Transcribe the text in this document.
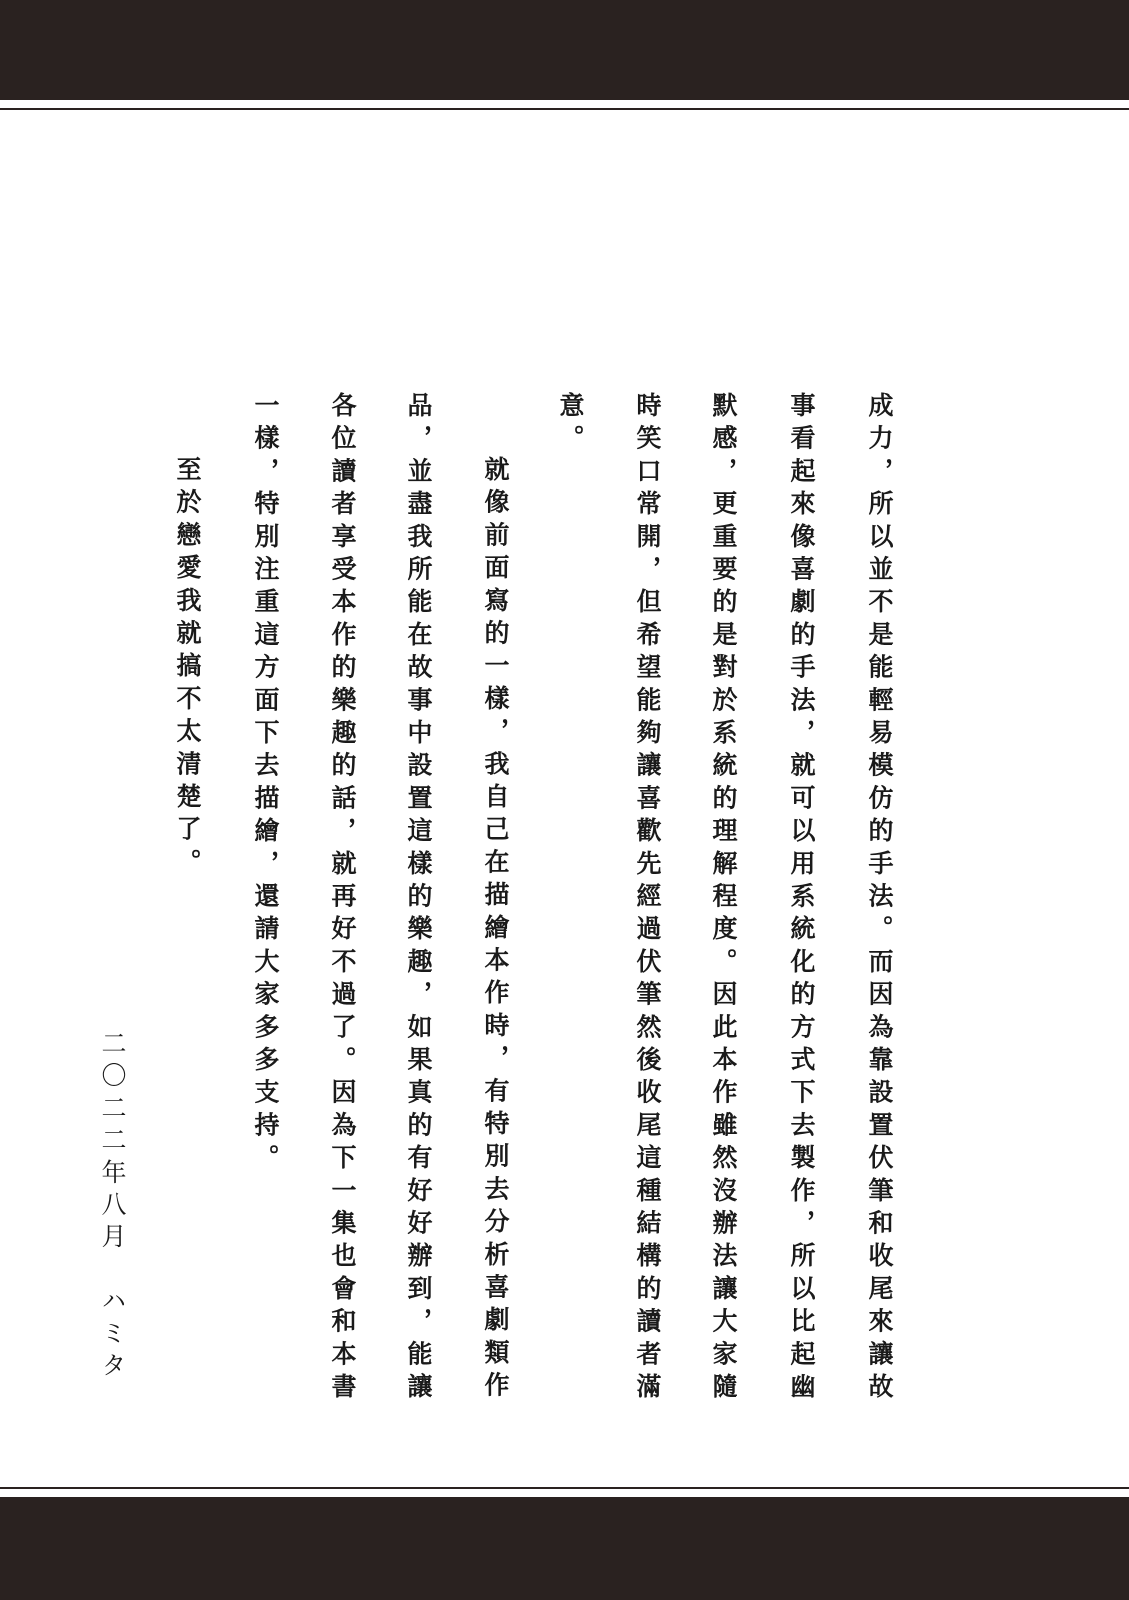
成力，所以並不是能輕易模仿的手法。而因為靠設置伏筆和收尾來讓故
事看起來像喜劇的手法，就可以用系統化的方式下去製作，所以比起幽
默感，更重要的是對於系統的理解程度。因此本作雖然沒辦法讓大家隨
時笑口常開，但希望能夠讓喜歡先經過伏筆然後收尾這種結構的讀者滿
意。
就像前面寫的一樣，我自己在描繪本作時，有特別去分析喜劇類作
品，並盡我所能在故事中設置這樣的樂趣，如果真的有好好辦到，能讓
各位讀者享受本作的樂趣的話，就再好不過了。因為下一集也會和本書
一樣，特別注重這方面下去描繪，還請大家多多支持。
至於戀愛我就搞不太清楚了。
二〇二二年八月　ハミタ
